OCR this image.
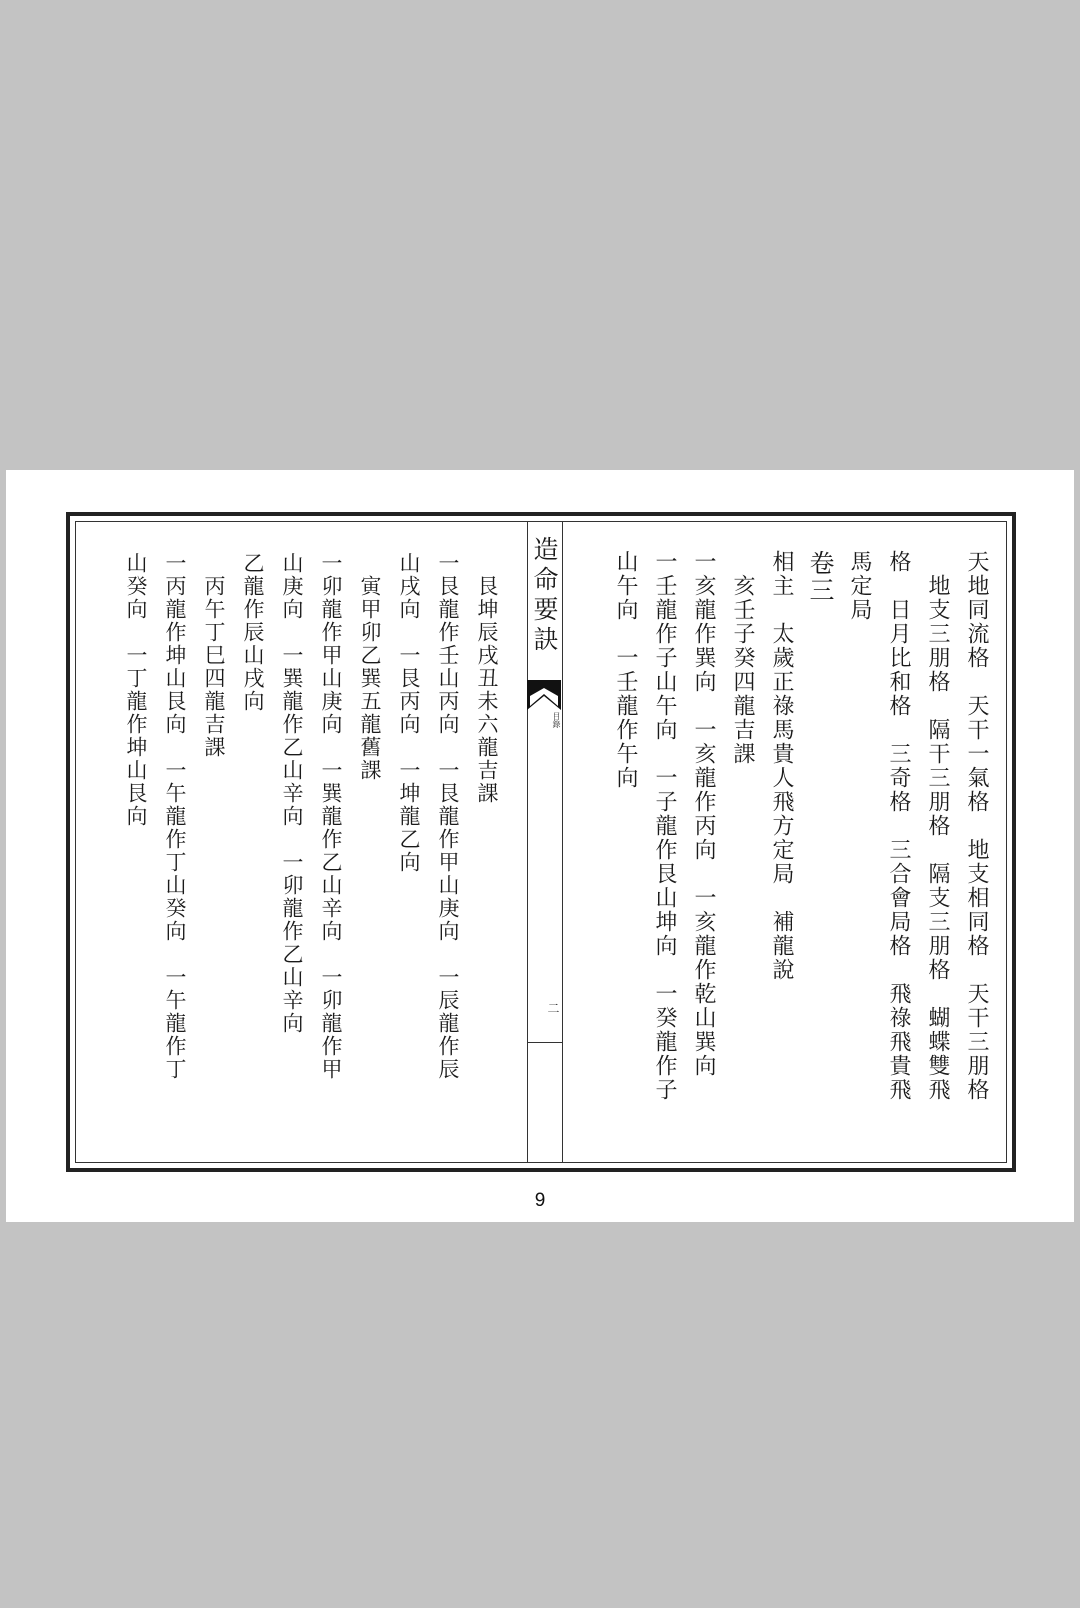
天地同流格　天干一氣格　地支相同格　天干三朋格
　地支三朋格　隔干三朋格　隔支三朋格　蝴蝶雙飛
格　日月比和格　三奇格　三合會局格　飛祿飛貴飛
馬定局
卷三
相主　太歲正祿馬貴人飛方定局　補龍說
　亥壬子癸四龍吉課
一亥龍作巽向　一亥龍作丙向　一亥龍作乾山巽向
一壬龍作子山午向　一子龍作艮山坤向　一癸龍作子
山午向　一壬龍作午向
造命要訣
目錄
二
　艮坤辰戌丑未六龍吉課
一艮龍作壬山丙向　一艮龍作甲山庚向　一辰龍作辰
山戌向　一艮丙向　一坤龍乙向
　寅甲卯乙巽五龍舊課
一卯龍作甲山庚向　一巽龍作乙山辛向　一卯龍作甲
山庚向　一巽龍作乙山辛向　一卯龍作乙山辛向
乙龍作辰山戌向
　丙午丁巳四龍吉課
一丙龍作坤山艮向　一午龍作丁山癸向　一午龍作丁
山癸向　一丁龍作坤山艮向
9
